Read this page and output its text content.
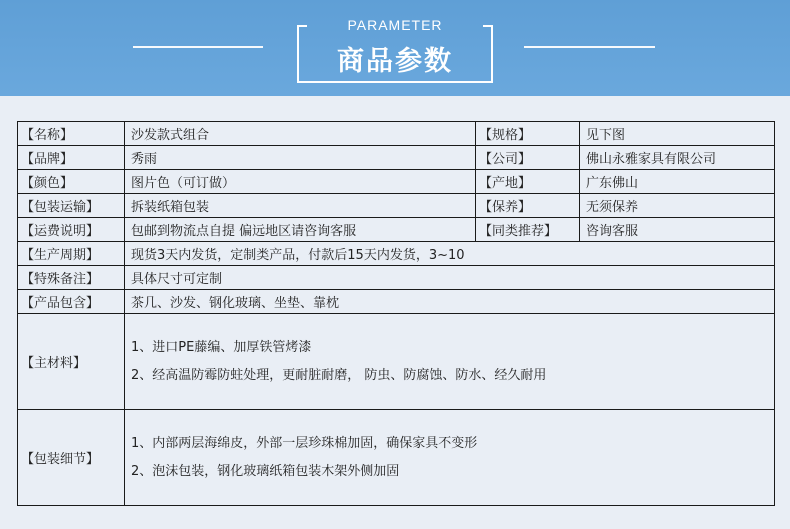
PARAMETER
商品参数
【名称】	沙发款式组合	【规格】	见下图
【品牌】	秀雨	【公司】	佛山永雅家具有限公司
【颜色】	图片色（可订做）	【产地】	广东佛山
【包装运输】	拆装纸箱包装	【保养】	无须保养
【运费说明】	包邮到物流点自提 偏远地区请咨询客服	【同类推荐】	咨询客服
【生产周期】	现货3天内发货，定制类产品，付款后15天内发货，3~10		
【特殊备注】	具体尺寸可定制		
【产品包含】	茶几、沙发、钢化玻璃、坐垫、靠枕		
【主材料】	1、进口PE藤编、加厚铁管烤漆
2、经高温防霉防蛀处理，更耐脏耐磨， 防虫、防腐蚀、防水、经久耐用		

【包装细节】	1、内部两层海绵皮，外部一层珍珠棉加固，确保家具不变形
2、泡沫包装，钢化玻璃纸箱包装木架外侧加固		
